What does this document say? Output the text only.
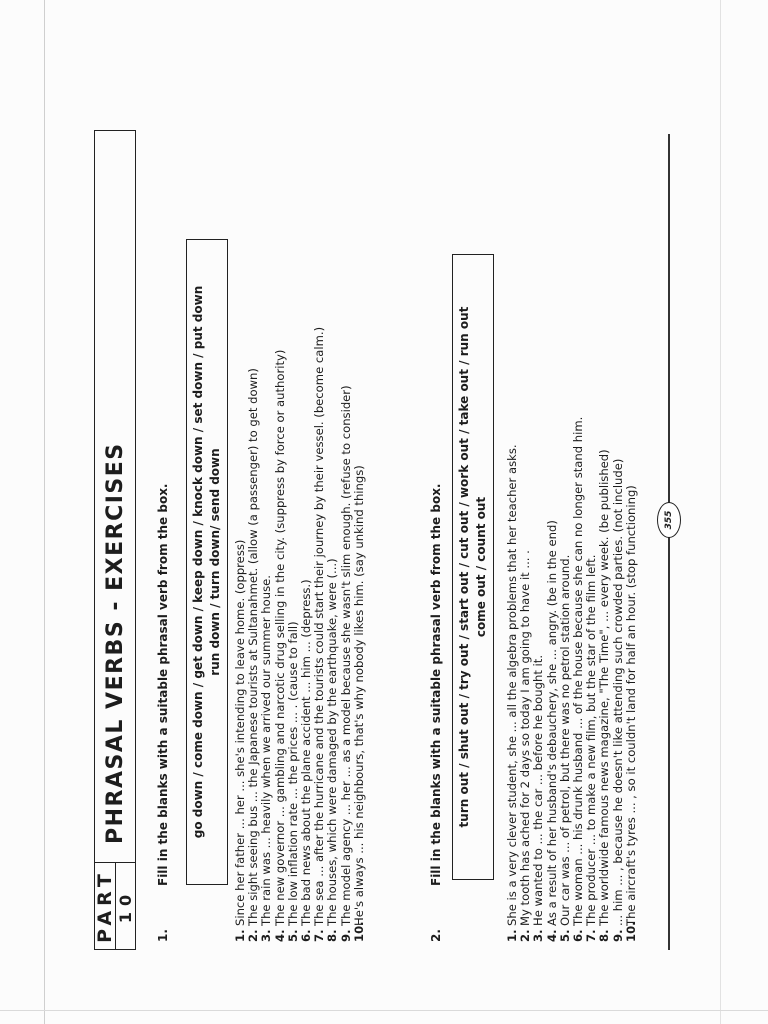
PART 10
PHRASAL VERBS - EXERCISES
1.Fill in the blanks with a suitable phrasal verb from the box. go down / come down / get down / keep down / knock down / set down / put down run down / turn down/ send down
1.
Since her father ... her ... she's intending to leave home. (oppress)
2.
The sight seeing bus ... the Japanese tourists at Sultanahmet. (allow (a passenger) to get down)
3.
The rain was ... heavily when we arrived our summer house.
4.
The new governor ... gambling and narcotic drug selling in the city. (suppress by force or authority)
5.
The low inflation rate ... the prices ... . (cause to fall)
6.
The bad news about the plane accident ... him ... (depress.)
7.
The sea ... after the hurricane and the tourists could start their journey by their vessel. (become calm.)
8.
The houses, which were damaged by the earthquake, were (...)
9.
The model agency ... her ... as a model because she wasn't slim enough. (refuse to consider)
10.
He's always ... his neighbours, that's why nobody likes him. (say unkind things)
2.Fill in the blanks with a suitable phrasal verb from the box. turn out / shut out / try out / start out / cut out / work out / take out / run out come out / count out
1.
She is a very clever student, she ... all the algebra problems that her teacher asks.
2.
My tooth has ached for 2 days so today I am going to have it ... .
3.
He wanted to ... the car ... before he bought it.
4.
As a result of her husband's debauchery, she ... angry. (be in the end)
5.
Our car was ... of petrol, but there was no petrol station around.
6.
The woman ... his drunk husband ... of the house because she can no longer stand him.
7.
The producer ... to make a new film, but the star of the film left.
8.
The worldwide famous news magazine, "The Time", ... every week. (be published)
9.
... him ... , because he doesn't like attending such crowded parties. (not include)
10.
The aircraft's tyres ... , so it couldn't land for half an hour. (stop functioning)	355
